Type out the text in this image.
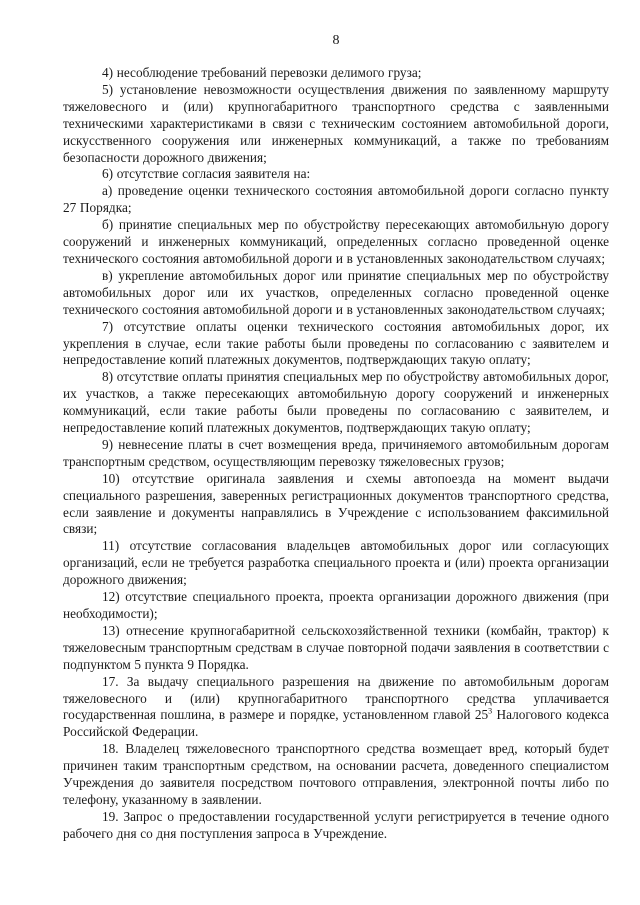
8

4) несоблюдение требований перевозки делимого груза;

5) установление невозможности осуществления движения по заявленному маршруту тяжеловесного и (или) крупногабаритного транспортного средства с заявленными техническими характеристиками в связи с техническим состоянием автомобильной дороги, искусственного сооружения или инженерных коммуникаций, а также по требованиям безопасности дорожного движения;

6) отсутствие согласия заявителя на:

а) проведение оценки технического состояния автомобильной дороги согласно пункту 27 Порядка;

б) принятие специальных мер по обустройству пересекающих автомобильную дорогу сооружений и инженерных коммуникаций, определенных согласно проведенной оценке технического состояния автомобильной дороги и в установленных законодательством случаях;

в) укрепление автомобильных дорог или принятие специальных мер по обустройству автомобильных дорог или их участков, определенных согласно проведенной оценке технического состояния автомобильной дороги и в установленных законодательством случаях;

7) отсутствие оплаты оценки технического состояния автомобильных дорог, их укрепления в случае, если такие работы были проведены по согласованию с заявителем и непредоставление копий платежных документов, подтверждающих такую оплату;

8) отсутствие оплаты принятия специальных мер по обустройству автомобильных дорог, их участков, а также пересекающих автомобильную дорогу сооружений и инженерных коммуникаций, если такие работы были проведены по согласованию с заявителем, и непредоставление копий платежных документов, подтверждающих такую оплату;

9) невнесение платы в счет возмещения вреда, причиняемого автомобильным дорогам транспортным средством, осуществляющим перевозку тяжеловесных грузов;

10) отсутствие оригинала заявления и схемы автопоезда на момент выдачи специального разрешения, заверенных регистрационных документов транспортного средства, если заявление и документы направлялись в Учреждение с использованием факсимильной связи;

11) отсутствие согласования владельцев автомобильных дорог или согласующих организаций, если не требуется разработка специального проекта и (или) проекта организации дорожного движения;

12) отсутствие специального проекта, проекта организации дорожного движения (при необходимости);

13) отнесение крупногабаритной сельскохозяйственной техники (комбайн, трактор) к тяжеловесным транспортным средствам в случае повторной подачи заявления в соответствии с подпунктом 5 пункта 9 Порядка.

17. За выдачу специального разрешения на движение по автомобильным дорогам тяжеловесного и (или) крупногабаритного транспортного средства уплачивается государственная пошлина, в размере и порядке, установленном главой $25^3$ Налогового кодекса Российской Федерации.

18. Владелец тяжеловесного транспортного средства возмещает вред, который будет причинен таким транспортным средством, на основании расчета, доведенного специалистом Учреждения до заявителя посредством почтового отправления, электронной почты либо по телефону, указанному в заявлении.

19. Запрос о предоставлении государственной услуги регистрируется в течение одного рабочего дня со дня поступления запроса в Учреждение.
